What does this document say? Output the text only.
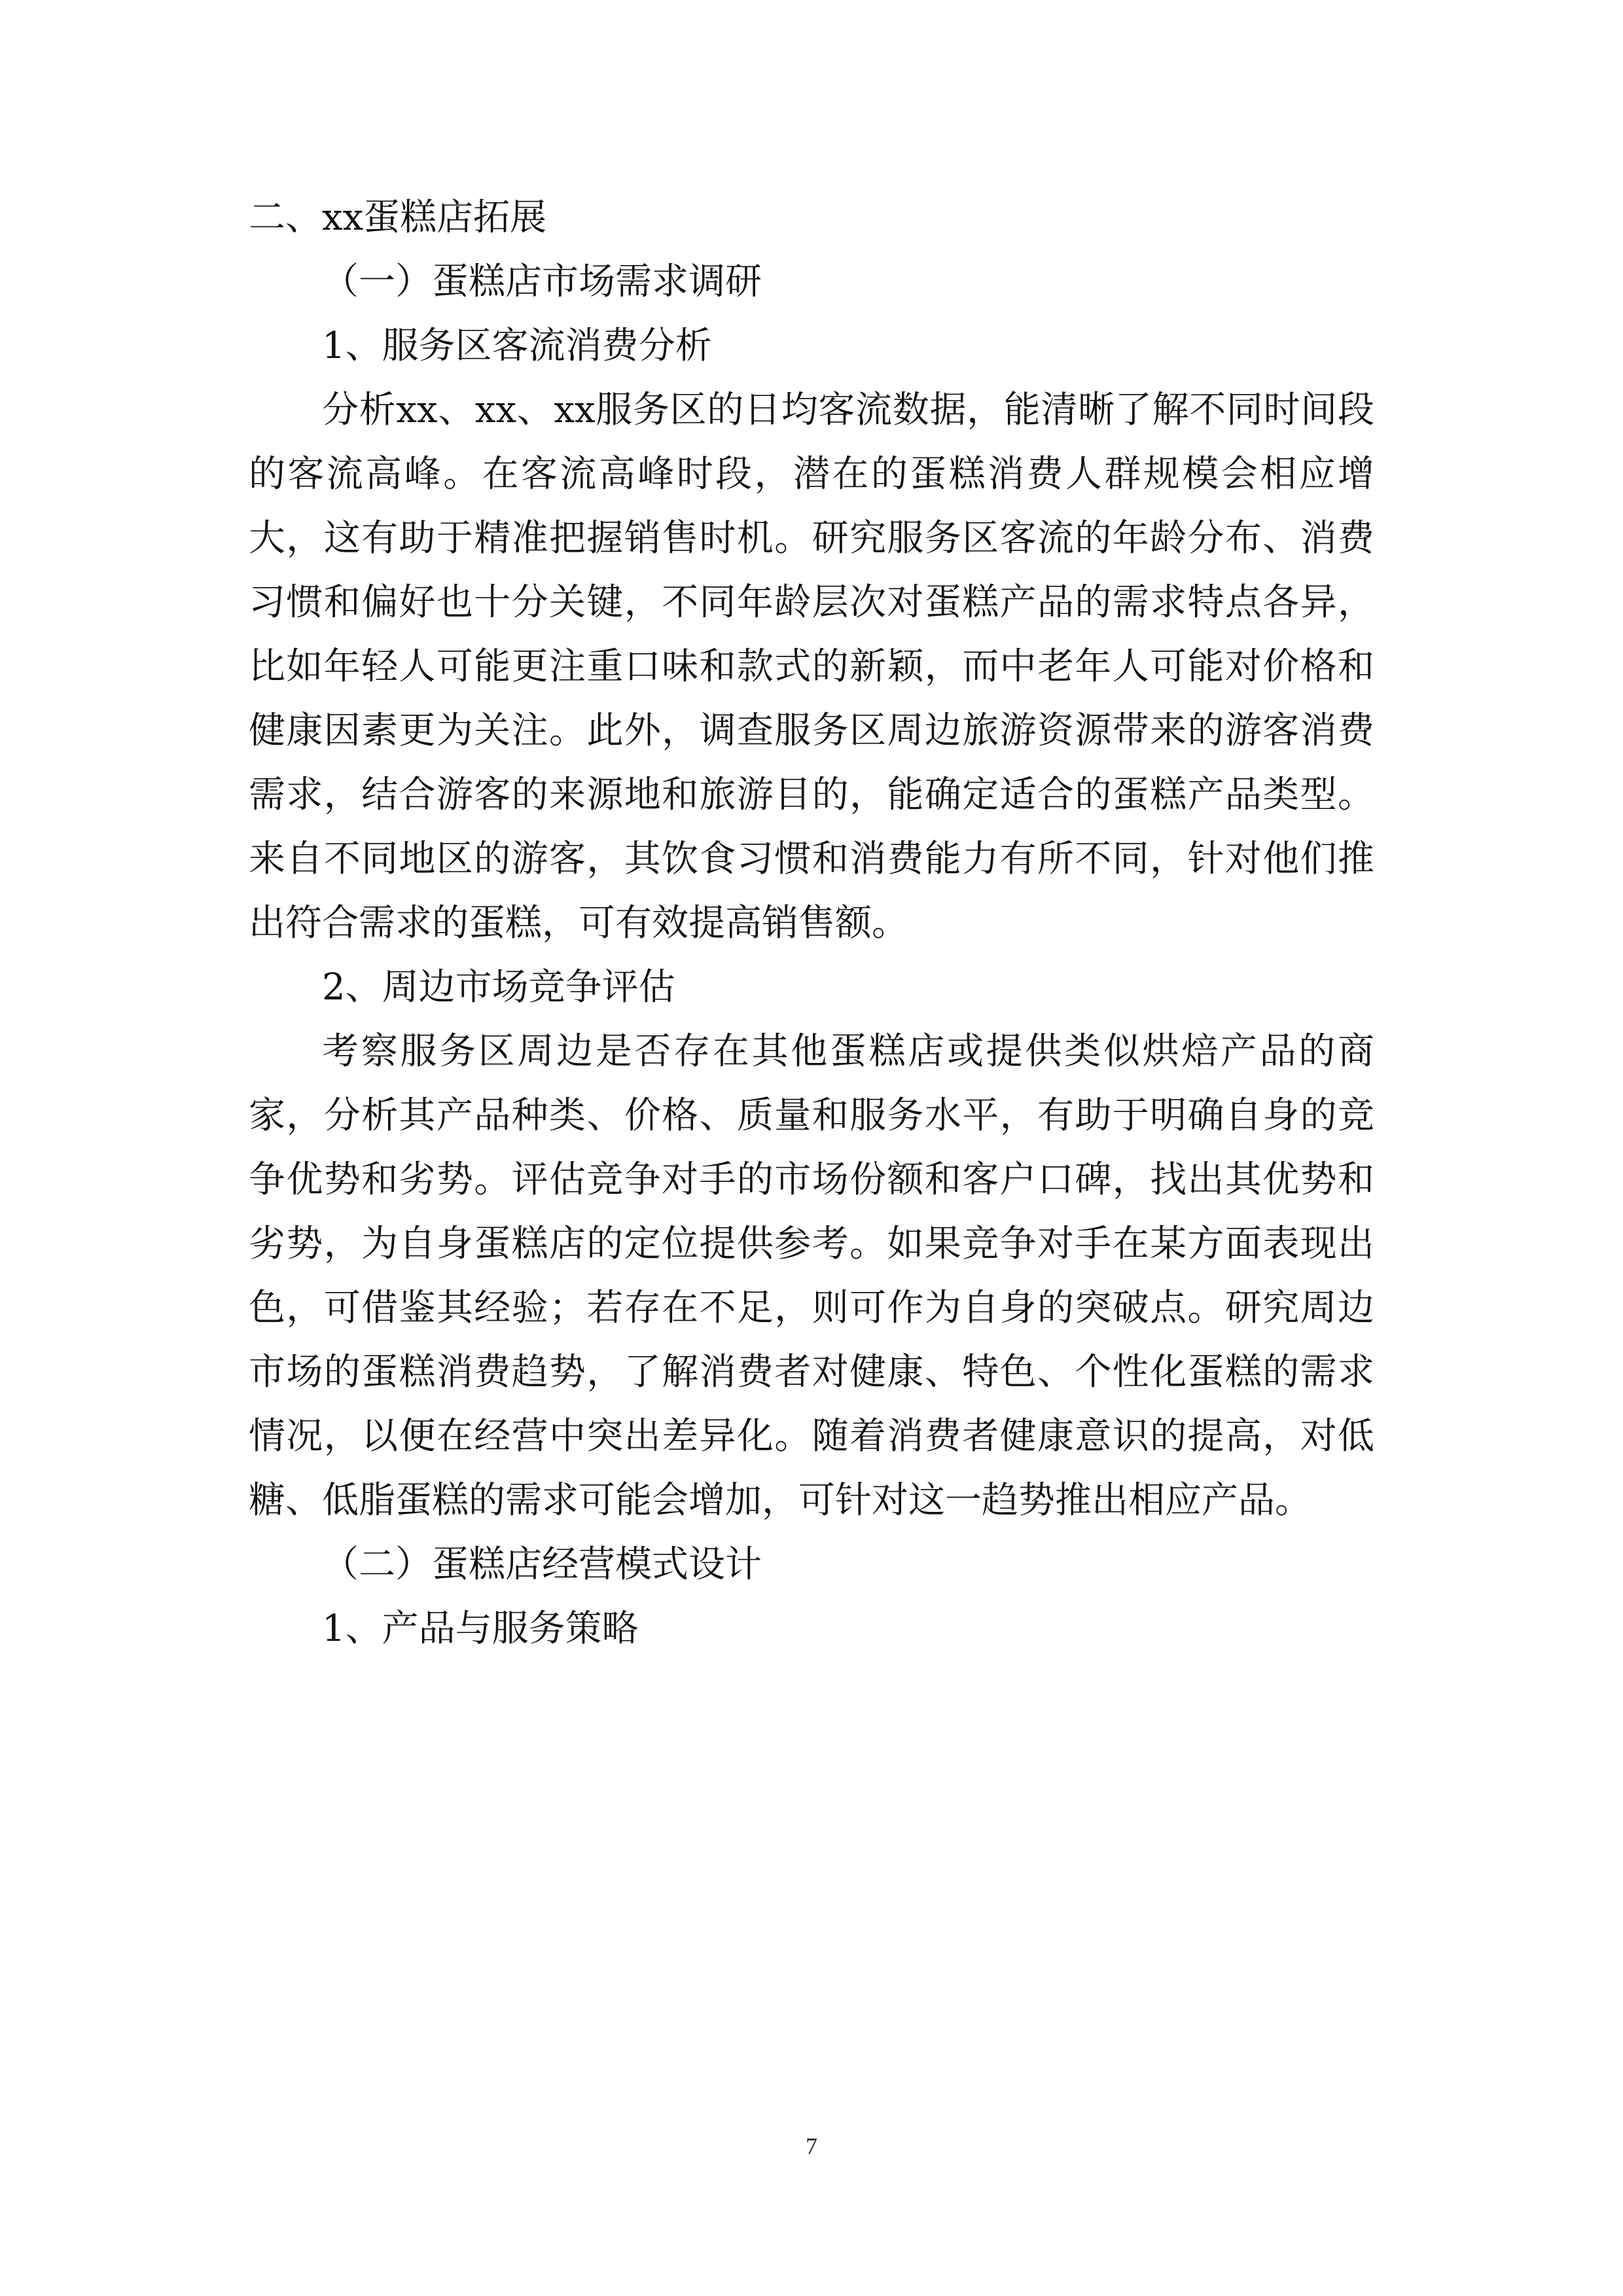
二、xx蛋糕店拓展

（一）蛋糕店市场需求调研

1、服务区客流消费分析

分析xx、xx、xx服务区的日均客流数据，能清晰了解不同时间段的客流高峰。在客流高峰时段，潜在的蛋糕消费人群规模会相应增大，这有助于精准把握销售时机。研究服务区客流的年龄分布、消费习惯和偏好也十分关键，不同年龄层次对蛋糕产品的需求特点各异，比如年轻人可能更注重口味和款式的新颖，而中老年人可能对价格和健康因素更为关注。此外，调查服务区周边旅游资源带来的游客消费需求，结合游客的来源地和旅游目的，能确定适合的蛋糕产品类型。来自不同地区的游客，其饮食习惯和消费能力有所不同，针对他们推出符合需求的蛋糕，可有效提高销售额。

2、周边市场竞争评估

考察服务区周边是否存在其他蛋糕店或提供类似烘焙产品的商家，分析其产品种类、价格、质量和服务水平，有助于明确自身的竞争优势和劣势。评估竞争对手的市场份额和客户口碑，找出其优势和劣势，为自身蛋糕店的定位提供参考。如果竞争对手在某方面表现出色，可借鉴其经验；若存在不足，则可作为自身的突破点。研究周边市场的蛋糕消费趋势，了解消费者对健康、特色、个性化蛋糕的需求情况，以便在经营中突出差异化。随着消费者健康意识的提高，对低糖、低脂蛋糕的需求可能会增加，可针对这一趋势推出相应产品。

（二）蛋糕店经营模式设计

1、产品与服务策略

7
